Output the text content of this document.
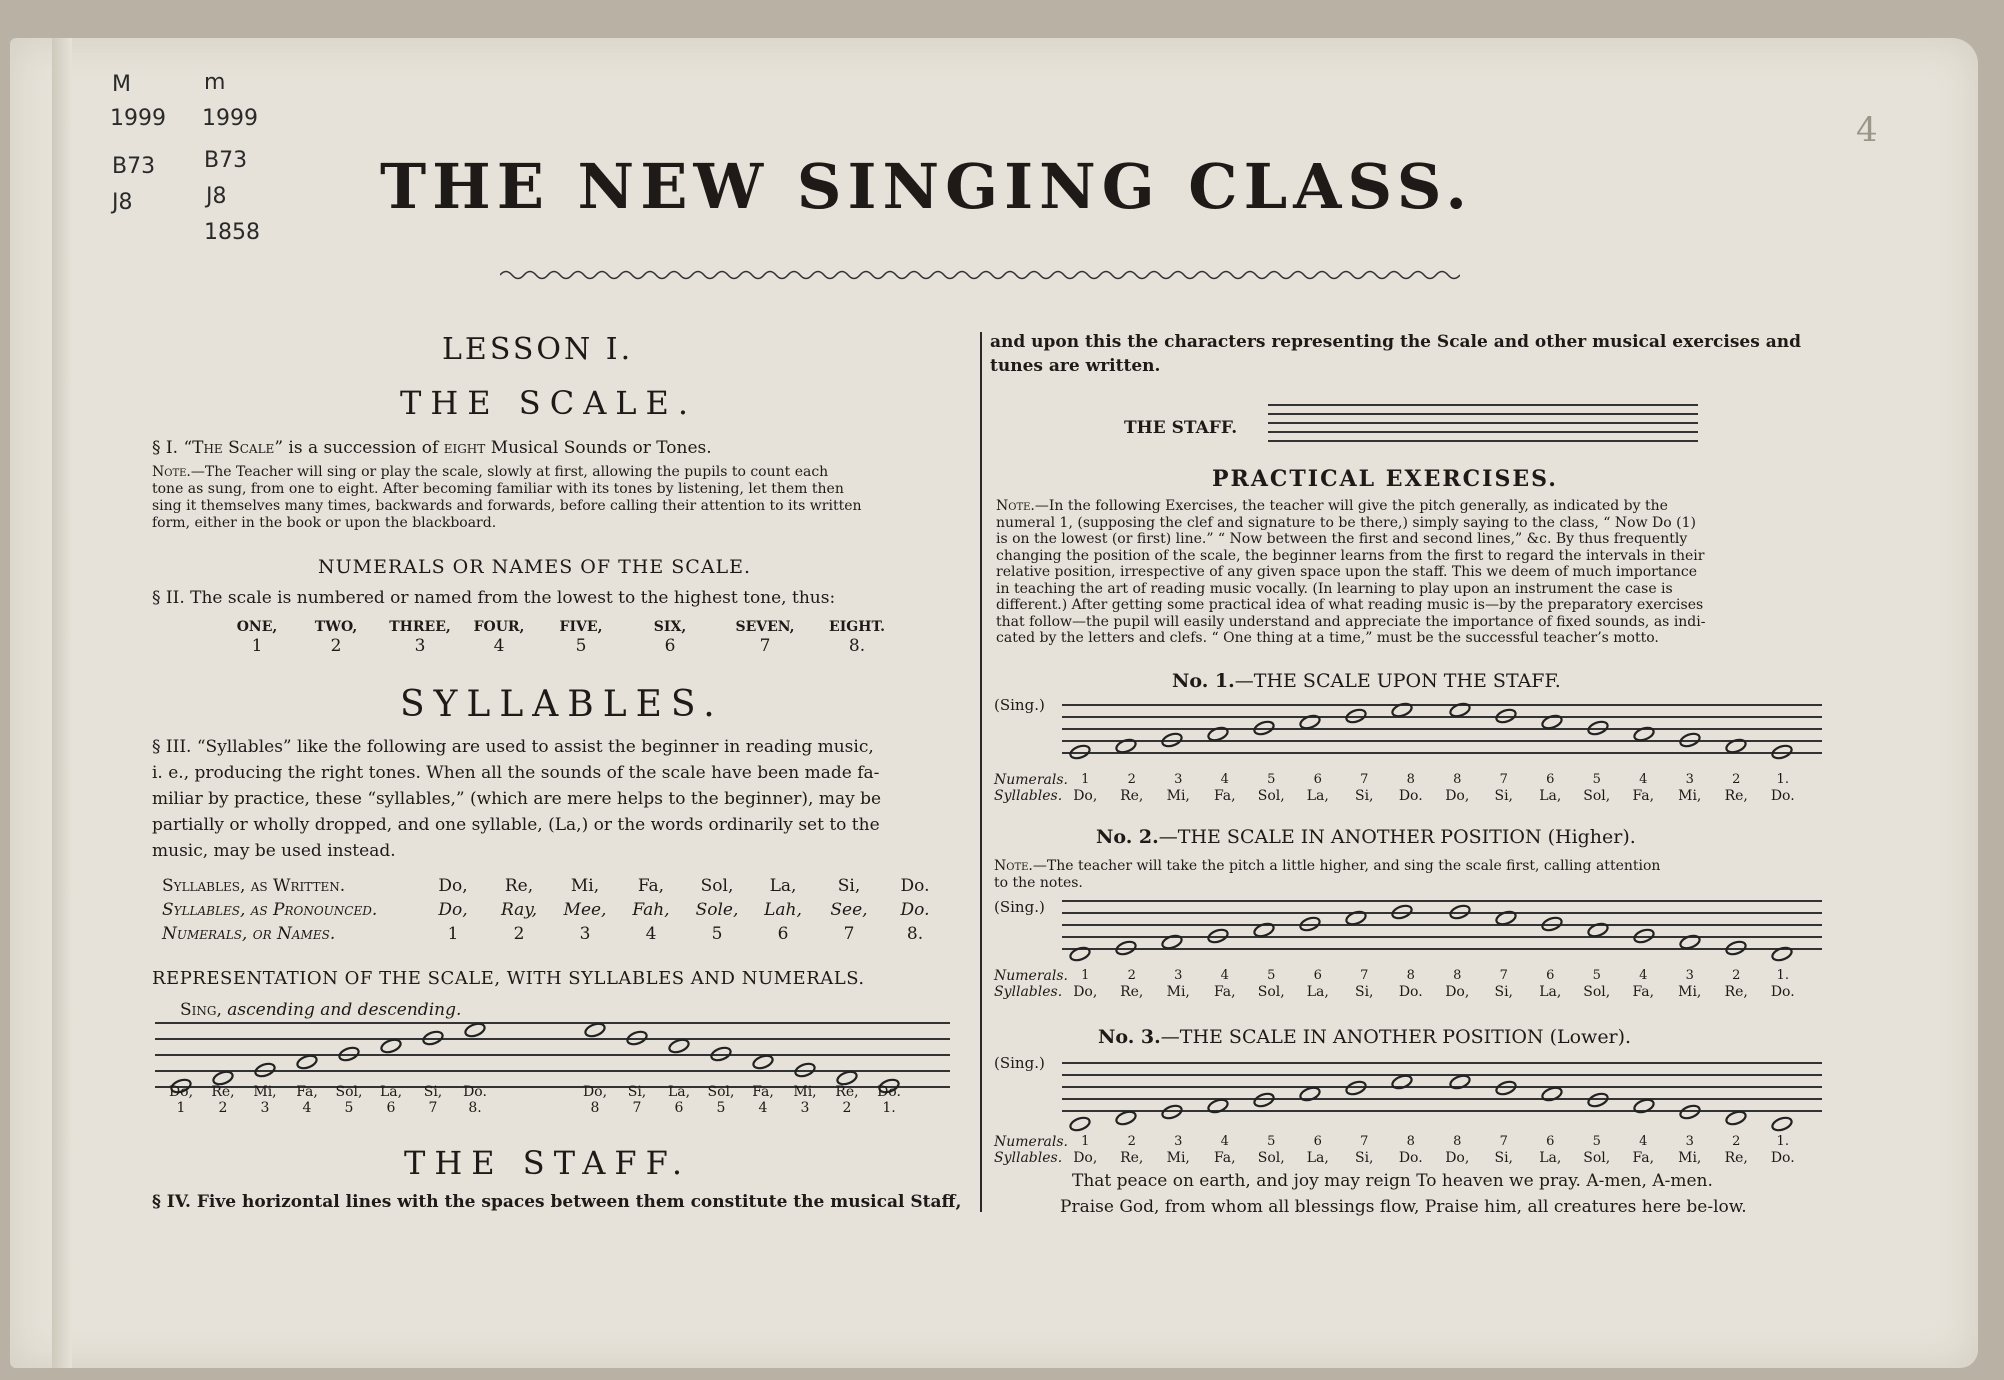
M
1999
B73
J8
m
1999
B73
J8
1858
4
THE NEW SINGING CLASS.
LESSON I.
THE SCALE.
§ I. “The Scale” is a succession of eight Musical Sounds or Tones.
Note.—The Teacher will sing or play the scale, slowly at first, allowing the pupils to count each
tone as sung, from one to eight. After becoming familiar with its tones by listening, let them then
sing it themselves many times, backwards and forwards, before calling their attention to its written
form, either in the book or upon the blackboard.
NUMERALS OR NAMES OF THE SCALE.
§ II. The scale is numbered or named from the lowest to the highest tone, thus:
ONE,	TWO,	THREE,	FOUR,	FIVE,	SIX,	SEVEN,	EIGHT.
1	2	3	4	5	6	7	8.
SYLLABLES.
§ III. “Syllables” like the following are used to assist the beginner in reading music,
i. e., producing the right tones. When all the sounds of the scale have been made fa-
miliar by practice, these “syllables,” (which are mere helps to the beginner), may be
partially or wholly dropped, and one syllable, (La,) or the words ordinarily set to the
music, may be used instead.
Syllables, as Written.	Do,	Re,	Mi,	Fa,	Sol,	La,	Si,	Do.
Syllables, as Pronounced.	Do,	Ray,	Mee,	Fah,	Sole,	Lah,	See,	Do.
Numerals, or Names.	1	2	3	4	5	6	7	8.
REPRESENTATION OF THE SCALE, WITH SYLLABLES AND NUMERALS.
Sing, ascending and descending.
Do,	Re,	Mi,	Fa,	Sol,	La,	Si,	Do.	Do,	Si,	La,	Sol,	Fa,	Mi,	Re,	Do.
1	2	3	4	5	6	7	8.	8	7	6	5	4	3	2	1.
THE STAFF.
§ IV. Five horizontal lines with the spaces between them constitute the musical Staff,
and upon this the characters representing the Scale and other musical exercises and
tunes are written.
THE STAFF.
PRACTICAL EXERCISES.
Note.—In the following Exercises, the teacher will give the pitch generally, as indicated by the
numeral 1, (supposing the clef and signature to be there,) simply saying to the class, “ Now Do (1)
is on the lowest (or first) line.” “ Now between the first and second lines,” &c. By thus frequently
changing the position of the scale, the beginner learns from the first to regard the intervals in their
relative position, irrespective of any given space upon the staff. This we deem of much importance
in teaching the art of reading music vocally. (In learning to play upon an instrument the case is
different.) After getting some practical idea of what reading music is—by the preparatory exercises
that follow—the pupil will easily understand and appreciate the importance of fixed sounds, as indi-
cated by the letters and clefs. “ One thing at a time,” must be the successful teacher’s motto.
No. 1.—THE SCALE UPON THE STAFF.
(Sing.)
Numerals.	1	2	3	4	5	6	7	8	8	7	6	5	4	3	2	1.
Syllables. Do,	Re,	Mi,	Fa,	Sol,	La,	Si,	Do.	Do,	Si,	La,	Sol,	Fa,	Mi,	Re,	Do.
No. 2.—THE SCALE IN ANOTHER POSITION (Higher).
Note.—The teacher will take the pitch a little higher, and sing the scale first, calling attention
to the notes.
(Sing.)
Numerals.	1	2	3	4	5	6	7	8	8	7	6	5	4	3	2	1.
Syllables. Do,	Re,	Mi,	Fa,	Sol,	La,	Si,	Do.	Do,	Si,	La,	Sol,	Fa,	Mi,	Re,	Do.
No. 3.—THE SCALE IN ANOTHER POSITION (Lower).
(Sing.)
Numerals.	1	2	3	4	5	6	7	8	8	7	6	5	4	3	2	1.
Syllables. Do,	Re,	Mi,	Fa,	Sol,	La,	Si,	Do.	Do,	Si,	La,	Sol,	Fa,	Mi,	Re,	Do.
That peace on earth, and joy may reign To heaven we pray. A-men, A-men.
Praise God, from whom all blessings flow, Praise him, all creatures here be-low.
